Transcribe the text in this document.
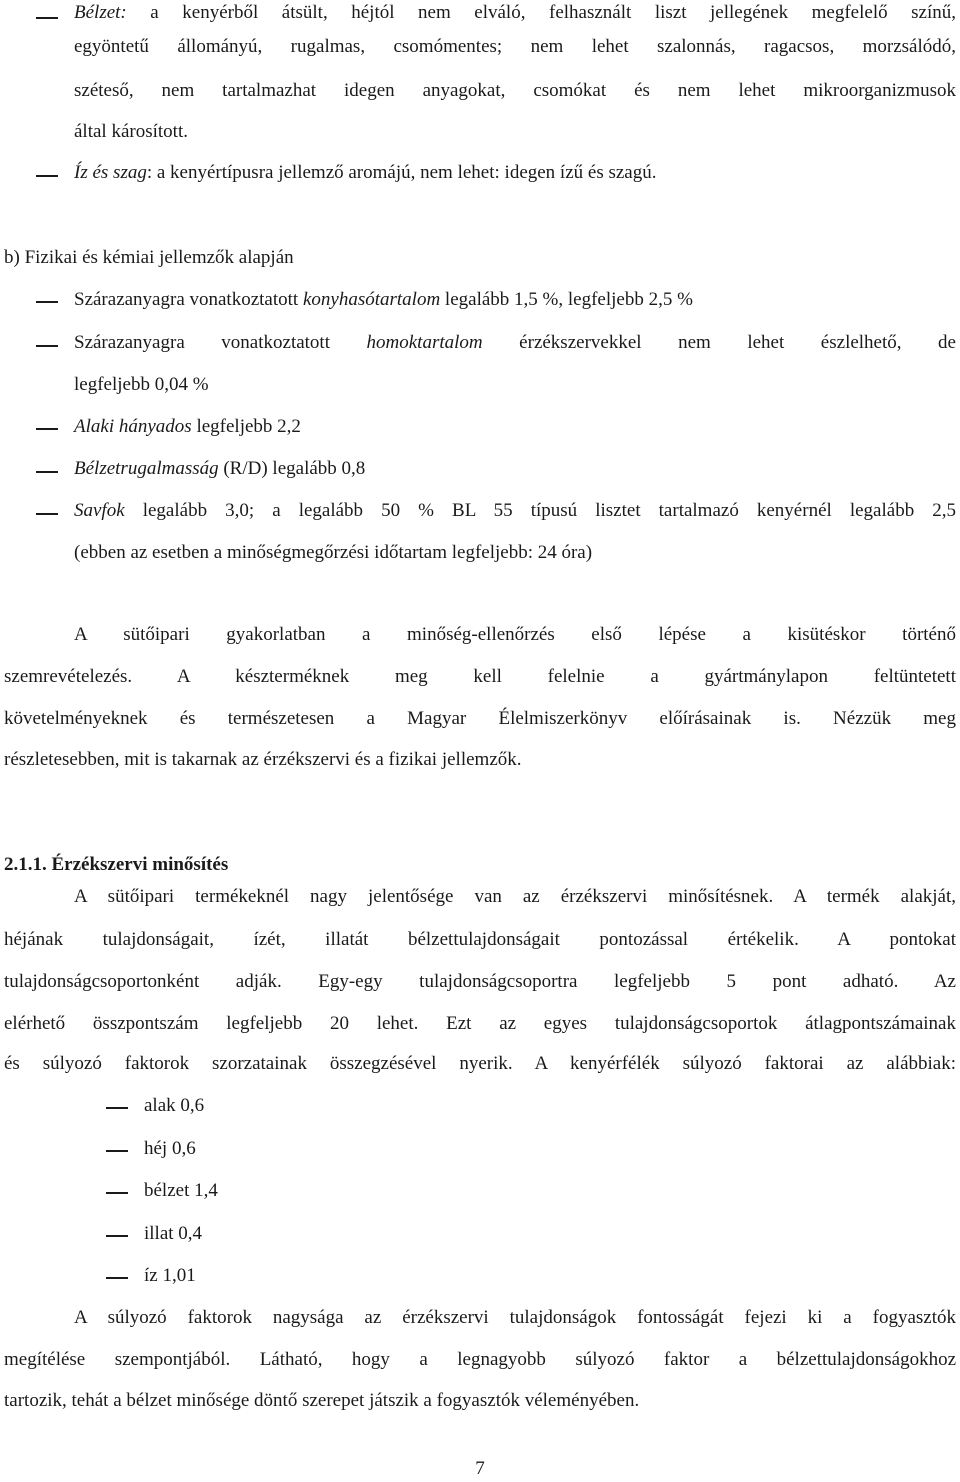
Bélzet: a kenyérből átsült, héjtól nem elváló, felhasznált liszt jellegének megfelelő színű,
egyöntetű állományú, rugalmas, csomómentes; nem lehet szalonnás, ragacsos, morzsálódó,
széteső, nem tartalmazhat idegen anyagokat, csomókat és nem lehet mikroorganizmusok
által károsított.
Íz és szag: a kenyértípusra jellemző aromájú, nem lehet: idegen ízű és szagú.
b) Fizikai és kémiai jellemzők alapján
Szárazanyagra vonatkoztatott konyhasótartalom legalább 1,5 %, legfeljebb 2,5 %
Szárazanyagra vonatkoztatott homoktartalom érzékszervekkel nem lehet észlelhető, de
legfeljebb 0,04 %
Alaki hányados legfeljebb 2,2
Bélzetrugalmasság (R/D) legalább 0,8
Savfok legalább 3,0; a legalább 50 % BL 55 típusú lisztet tartalmazó kenyérnél legalább 2,5
(ebben az esetben a minőségmegőrzési időtartam legfeljebb: 24 óra)
A sütőipari gyakorlatban a minőség-ellenőrzés első lépése a kisütéskor történő
szemrevételezés. A készterméknek meg kell felelnie a gyártmánylapon feltüntetett
követelményeknek és természetesen a Magyar Élelmiszerkönyv előírásainak is. Nézzük meg
részletesebben, mit is takarnak az érzékszervi és a fizikai jellemzők.
2.1.1. Érzékszervi minősítés
A sütőipari termékeknél nagy jelentősége van az érzékszervi minősítésnek. A termék alakját,
héjának tulajdonságait, ízét, illatát bélzettulajdonságait pontozással értékelik. A pontokat
tulajdonságcsoportonként adják. Egy-egy tulajdonságcsoportra legfeljebb 5 pont adható. Az
elérhető összpontszám legfeljebb 20 lehet. Ezt az egyes tulajdonságcsoportok átlagpontszámainak
és súlyozó faktorok szorzatainak összegzésével nyerik. A kenyérfélék súlyozó faktorai az alábbiak:
alak 0,6
héj 0,6
bélzet 1,4
illat 0,4
íz 1,01
A súlyozó faktorok nagysága az érzékszervi tulajdonságok fontosságát fejezi ki a fogyasztók
megítélése szempontjából. Látható, hogy a legnagyobb súlyozó faktor a bélzettulajdonságokhoz
tartozik, tehát a bélzet minősége döntő szerepet játszik a fogyasztók véleményében.
7
